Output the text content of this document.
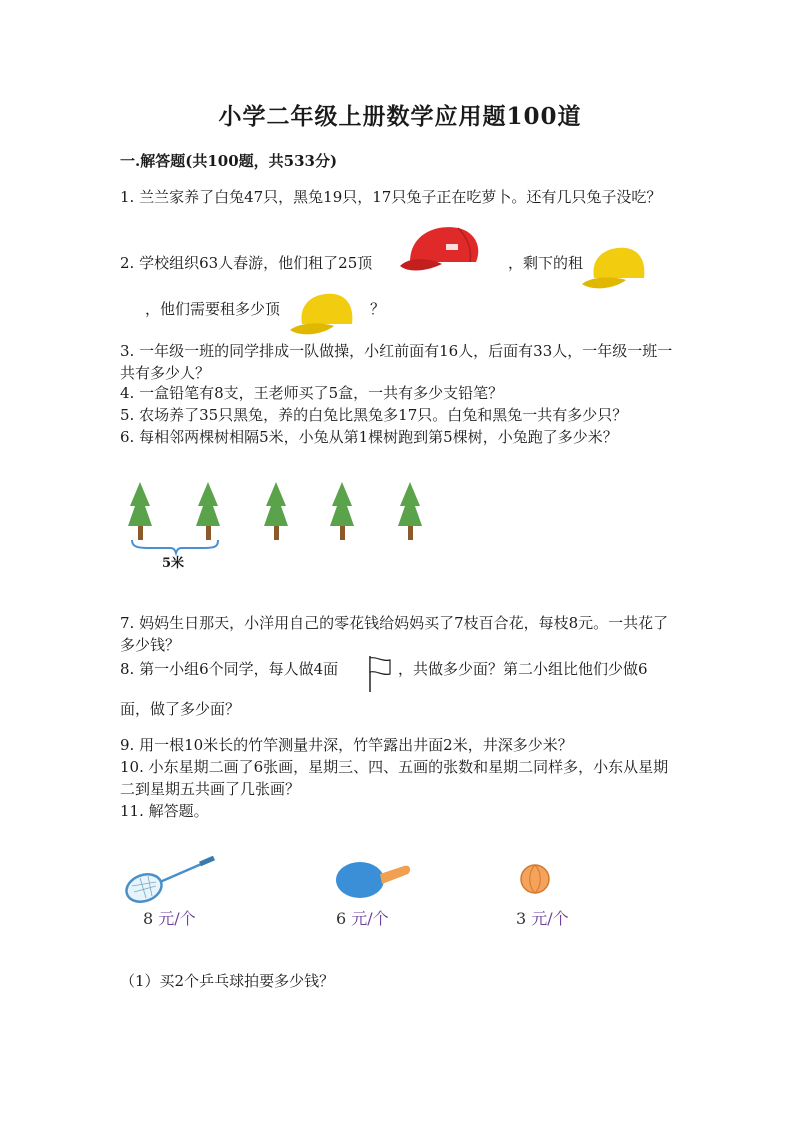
小学二年级上册数学应用题100道
一.解答题(共100题，共533分)
1. 兰兰家养了白兔47只，黑兔19只，17只兔子正在吃萝卜。还有几只兔子没吃？
2. 学校组织63人春游，他们租了25顶	，剩下的租
，他们需要租多少顶	？
3. 一年级一班的同学排成一队做操，小红前面有16人，后面有33人，一年级一班一共有多少人？
4. 一盒铅笔有8支，王老师买了5盒，一共有多少支铅笔？
5. 农场养了35只黑兔，养的白兔比黑兔多17只。白兔和黑兔一共有多少只？
6. 每相邻两棵树相隔5米，小兔从第1棵树跑到第5棵树，小兔跑了多少米？
5米
7. 妈妈生日那天，小洋用自己的零花钱给妈妈买了7枝百合花，每枝8元。一共花了多少钱？
8. 第一小组6个同学，每人做4面	，共做多少面？第二小组比他们少做6
面，做了多少面？
9. 用一根10米长的竹竿测量井深，竹竿露出井面2米，井深多少米？
10. 小东星期二画了6张画，星期三、四、五画的张数和星期二同样多，小东从星期二到星期五共画了几张画？
11. 解答题。
8 元/个	6 元/个	3 元/个
（1）买2个乒乓球拍要多少钱？
